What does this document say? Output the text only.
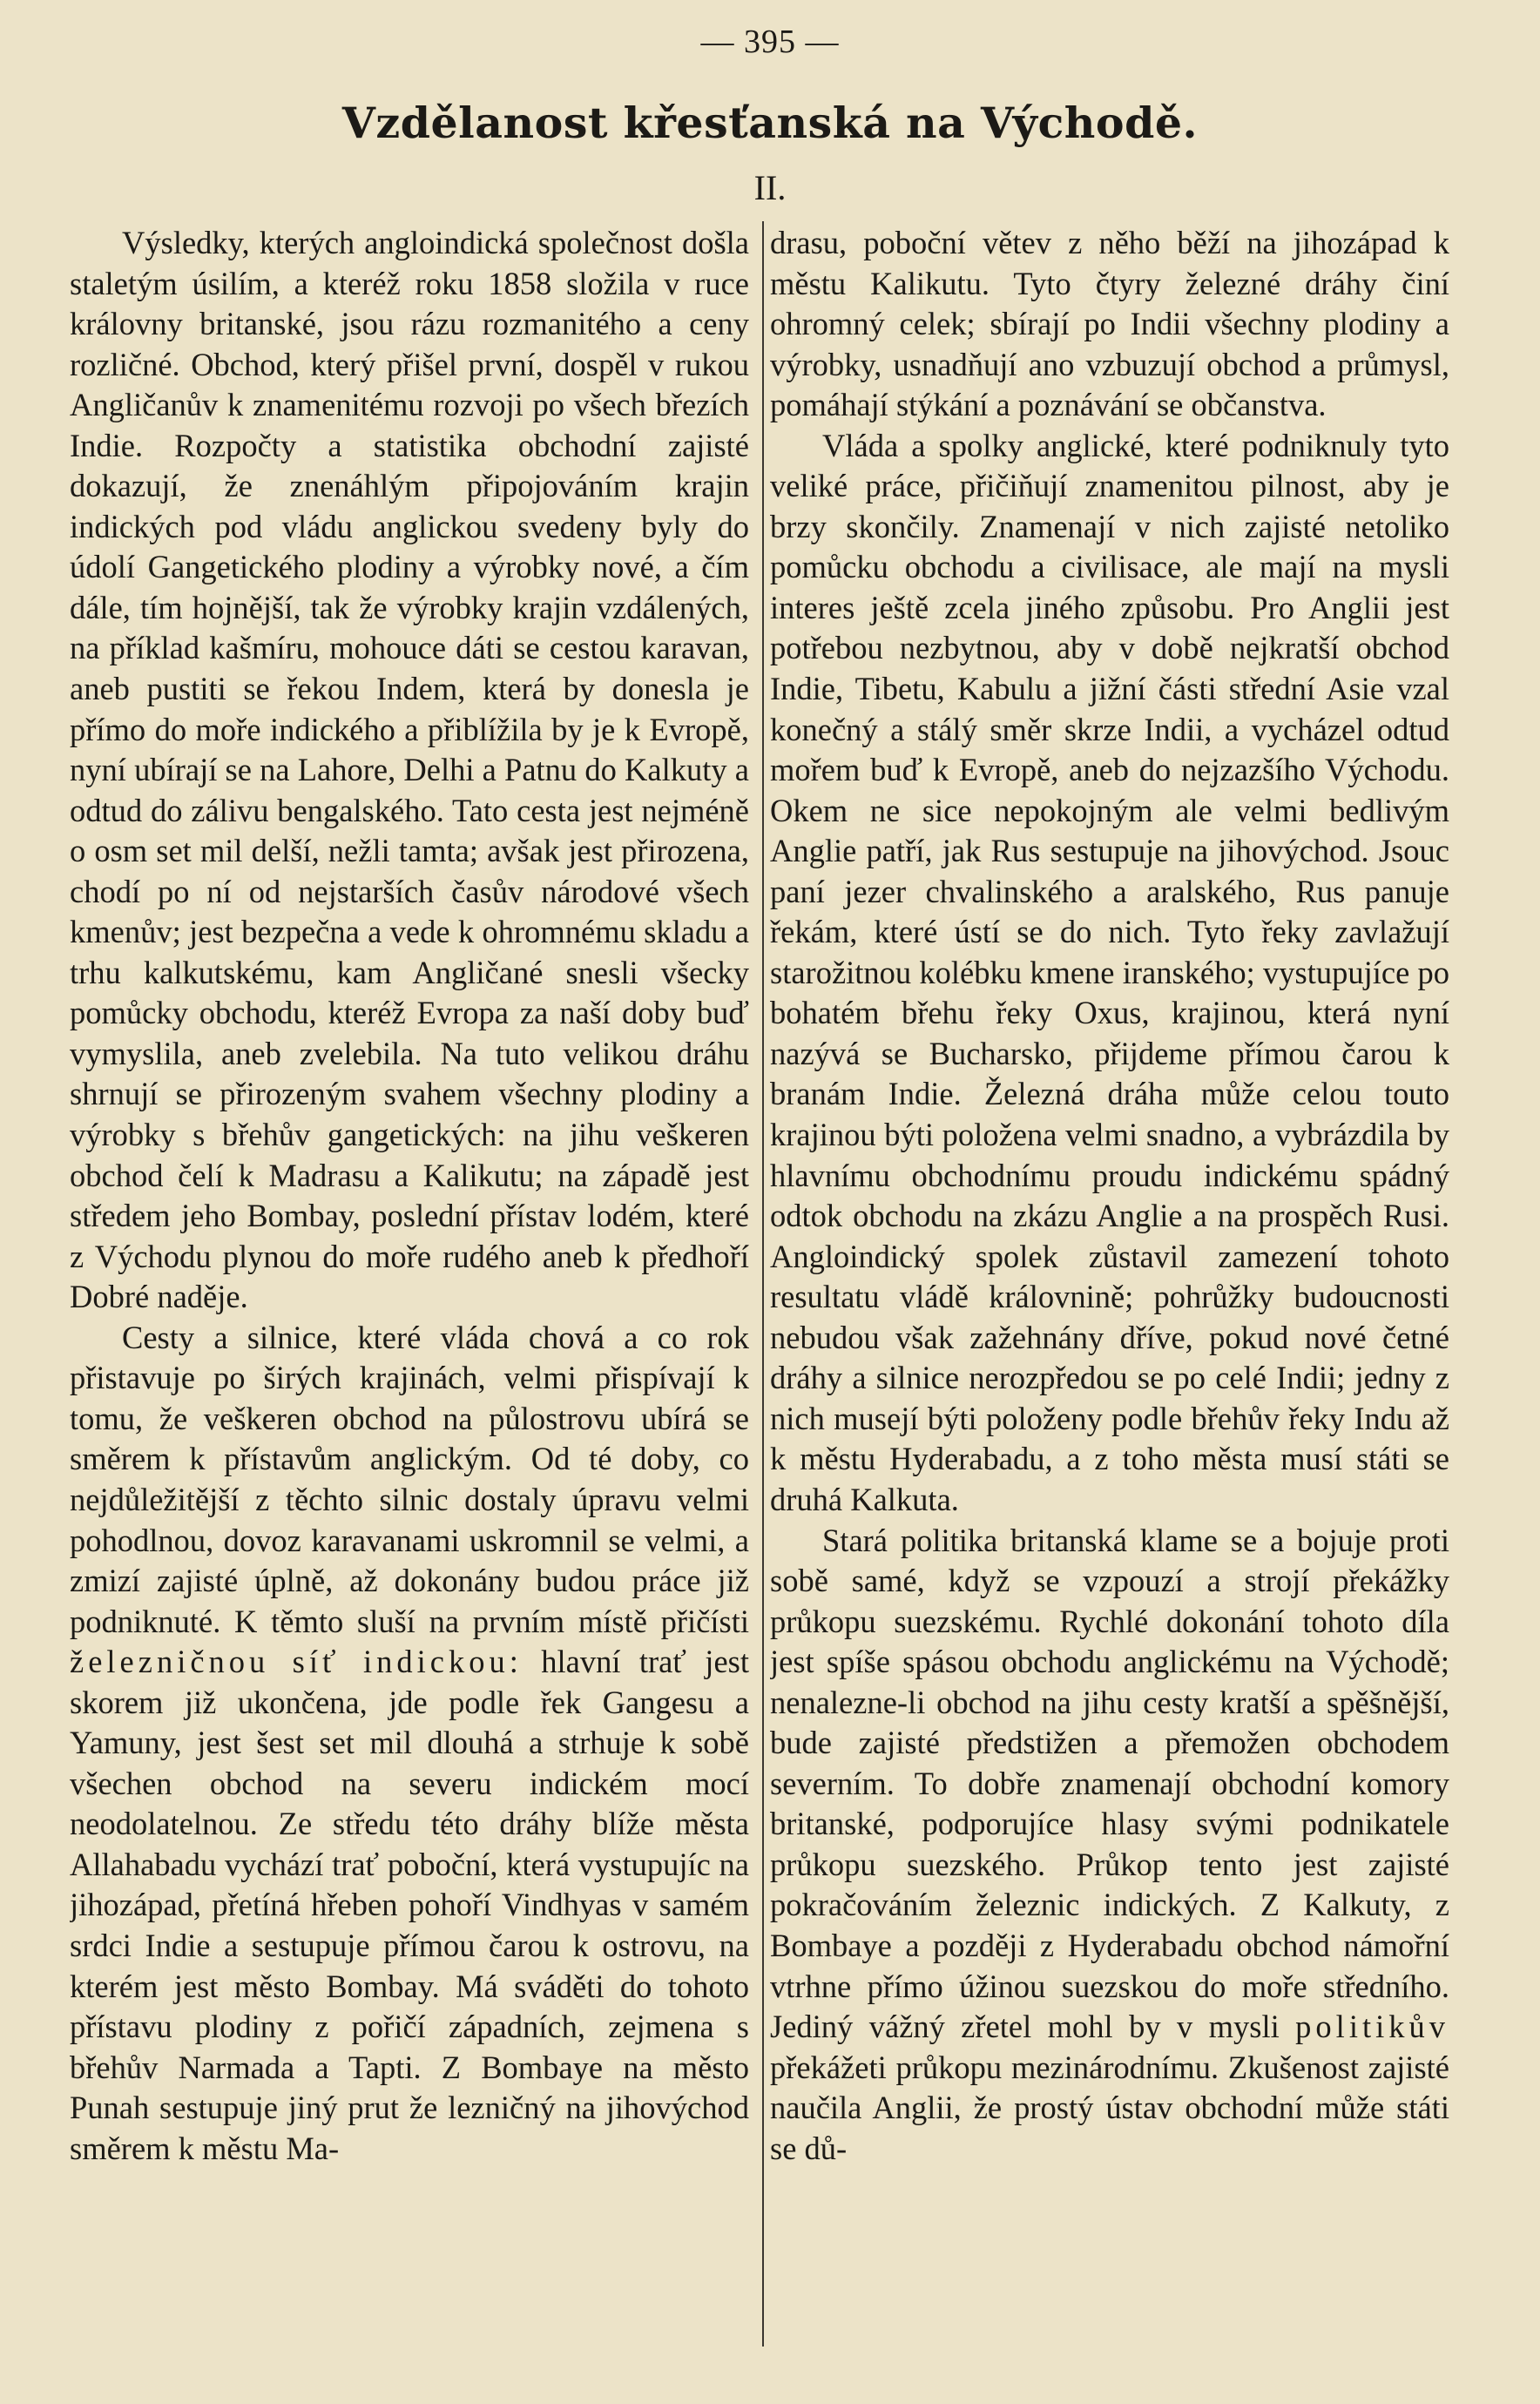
— 395 —
Vzdělanost křesťanská na Východě.
II.

Výsledky, kterých angloindická společnost došla staletým úsilím, a kteréž roku 1858 složila v ruce královny britanské, jsou rázu rozmanitého a ceny rozličné. Obchod, který přišel první, dospěl v rukou Angličanův k znamenitému rozvoji po všech březích Indie. Rozpočty a statistika obchodní zajisté dokazují, že znenáhlým připojováním krajin indických pod vládu anglickou svedeny byly do údolí Gangetického plodiny a výrobky nové, a čím dále, tím hojnější, tak že výrobky krajin vzdálených, na příklad kašmíru, mohouce dáti se cestou karavan, aneb pustiti se řekou Indem, která by donesla je přímo do moře indického a přiblížila by je k Evropě, nyní ubírají se na Lahore, Delhi a Patnu do Kalkuty a odtud do zálivu bengalského. Tato cesta jest nejméně o osm set mil delší, nežli tamta; avšak jest přirozena, chodí po ní od nejstarších časův národové všech kmenův; jest bezpečna a vede k ohromnému skladu a trhu kalkutskému, kam Angličané snesli všecky pomůcky obchodu, kteréž Evropa za naší doby buď vymyslila, aneb zvelebila. Na tuto velikou dráhu shrnují se přirozeným svahem všechny plodiny a výrobky s břehův gangetických: na jihu veškeren obchod čelí k Madrasu a Kalikutu; na západě jest středem jeho Bombay, poslední přístav lodém, které z Východu plynou do moře rudého aneb k předhoří Dobré naděje.

Cesty a silnice, které vláda chová a co rok přistavuje po širých krajinách, velmi přispívají k tomu, že veškeren obchod na půlostrovu ubírá se směrem k přístavům anglickým. Od té doby, co nejdůležitější z těchto silnic dostaly úpravu velmi pohodlnou, dovoz karavanami uskromnil se velmi, a zmizí zajisté úplně, až dokonány budou práce již podniknuté. K těmto sluší na prvním místě přičísti železničnou síť indickou: hlavní trať jest skorem již ukončena, jde podle řek Gangesu a Yamuny, jest šest set mil dlouhá a strhuje k sobě všechen obchod na severu indickém mocí neodolatelnou. Ze středu této dráhy blíže města Allahabadu vychází trať poboční, která vystupujíc na jihozápad, přetíná hřeben pohoří Vindhyas v samém srdci Indie a sestupuje přímou čarou k ostrovu, na kterém jest město Bombay. Má sváděti do tohoto přístavu plodiny z pořičí západních, zejmena s břehův Narmada a Tapti. Z Bombaye na město Punah sestupuje jiný prut že lezničný na jihovýchod směrem k městu Ma-

drasu, poboční větev z něho běží na jihozápad k městu Kalikutu. Tyto čtyry železné dráhy činí ohromný celek; sbírají po Indii všechny plodiny a výrobky, usnadňují ano vzbuzují obchod a průmysl, pomáhají stýkání a poznávání se občanstva.

Vláda a spolky anglické, které podniknuly tyto veliké práce, přičiňují znamenitou pilnost, aby je brzy skončily. Znamenají v nich zajisté netoliko pomůcku obchodu a civilisace, ale mají na mysli interes ještě zcela jiného způsobu. Pro Anglii jest potřebou nezbytnou, aby v době nejkratší obchod Indie, Tibetu, Kabulu a jižní části střední Asie vzal konečný a stálý směr skrze Indii, a vycházel odtud mořem buď k Evropě, aneb do nejzazšího Východu. Okem ne sice nepokojným ale velmi bedlivým Anglie patří, jak Rus sestupuje na jihovýchod. Jsouc paní jezer chvalinského a aralského, Rus panuje řekám, které ústí se do nich. Tyto řeky zavlažují starožitnou kolébku kmene iranského; vystupujíce po bohatém břehu řeky Oxus, krajinou, která nyní nazývá se Bucharsko, přijdeme přímou čarou k branám Indie. Železná dráha může celou touto krajinou býti položena velmi snadno, a vybrázdila by hlavnímu obchodnímu proudu indickému spádný odtok obchodu na zkázu Anglie a na prospěch Rusi. Angloindický spolek zůstavil zamezení tohoto resultatu vládě královnině; pohrůžky budoucnosti nebudou však zažehnány dříve, pokud nové četné dráhy a silnice nerozpředou se po celé Indii; jedny z nich musejí býti položeny podle břehův řeky Indu až k městu Hyderabadu, a z toho města musí státi se druhá Kalkuta.

Stará politika britanská klame se a bojuje proti sobě samé, když se vzpouzí a strojí překážky průkopu suezskému. Rychlé dokonání tohoto díla jest spíše spásou obchodu anglickému na Východě; nenalezne-li obchod na jihu cesty kratší a spěšnější, bude zajisté předstižen a přemožen obchodem severním. To dobře znamenají obchodní komory britanské, podporujíce hlasy svými podnikatele průkopu suezského. Průkop tento jest zajisté pokračováním železnic indických. Z Kalkuty, z Bombaye a později z Hyderabadu obchod námořní vtrhne přímo úžinou suezskou do moře středního. Jediný vážný zřetel mohl by v mysli politikův překážeti průkopu mezinárodnímu. Zkušenost zajisté naučila Anglii, že prostý ústav obchodní může státi se dů-
